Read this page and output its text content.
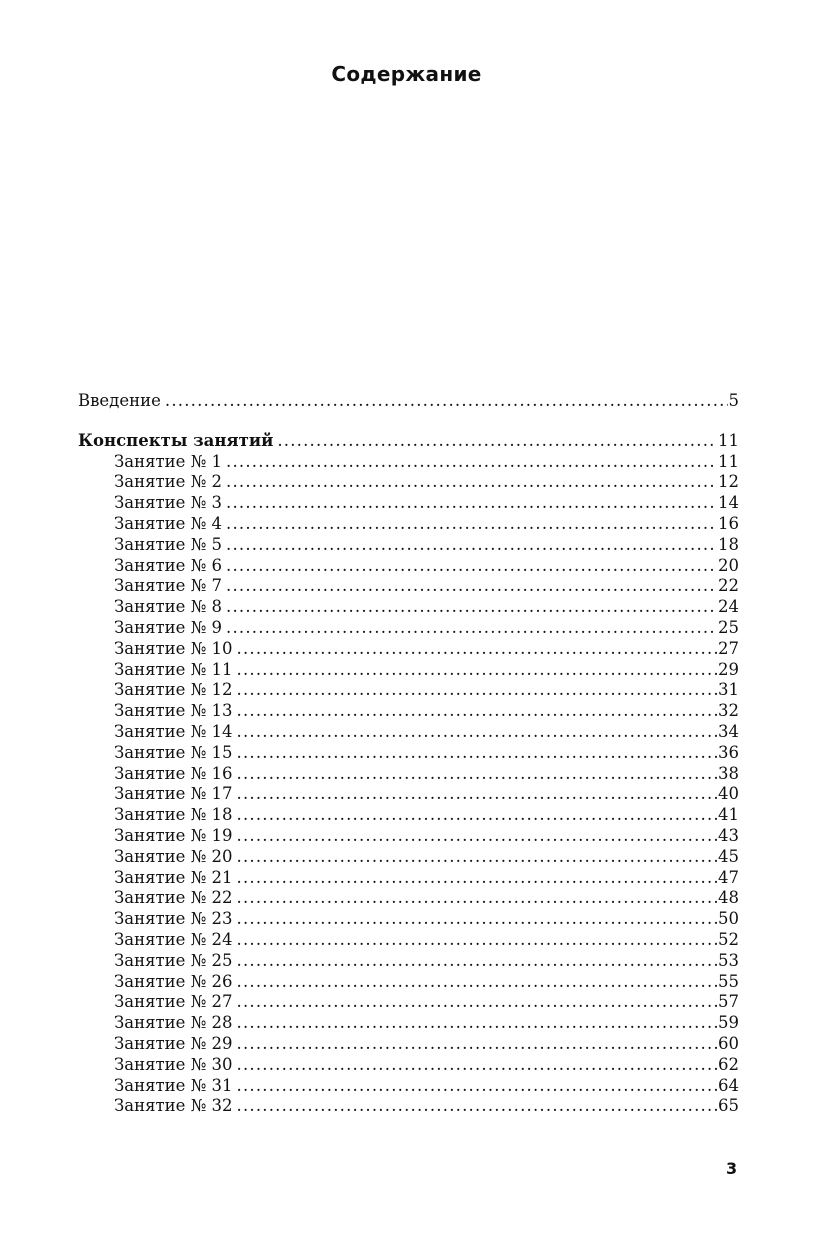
Содержание
Введение .....	5
Конспекты занятий .....	11
Занятие № 1 .....	11
Занятие № 2 .....	12
Занятие № 3 .....	14
Занятие № 4 .....	16
Занятие № 5 .....	18
Занятие № 6 .....	20
Занятие № 7 .....	22
Занятие № 8 .....	24
Занятие № 9 .....	25
Занятие № 10 .....	27
Занятие № 11 .....	29
Занятие № 12 .....	31
Занятие № 13 .....	32
Занятие № 14 .....	34
Занятие № 15 .....	36
Занятие № 16 .....	38
Занятие № 17 .....	40
Занятие № 18 .....	41
Занятие № 19 .....	43
Занятие № 20 .....	45
Занятие № 21 .....	47
Занятие № 22 .....	48
Занятие № 23 .....	50
Занятие № 24 .....	52
Занятие № 25 .....	53
Занятие № 26 .....	55
Занятие № 27 .....	57
Занятие № 28 .....	59
Занятие № 29 .....	60
Занятие № 30 .....	62
Занятие № 31 .....	64
Занятие № 32 .....	65
3
